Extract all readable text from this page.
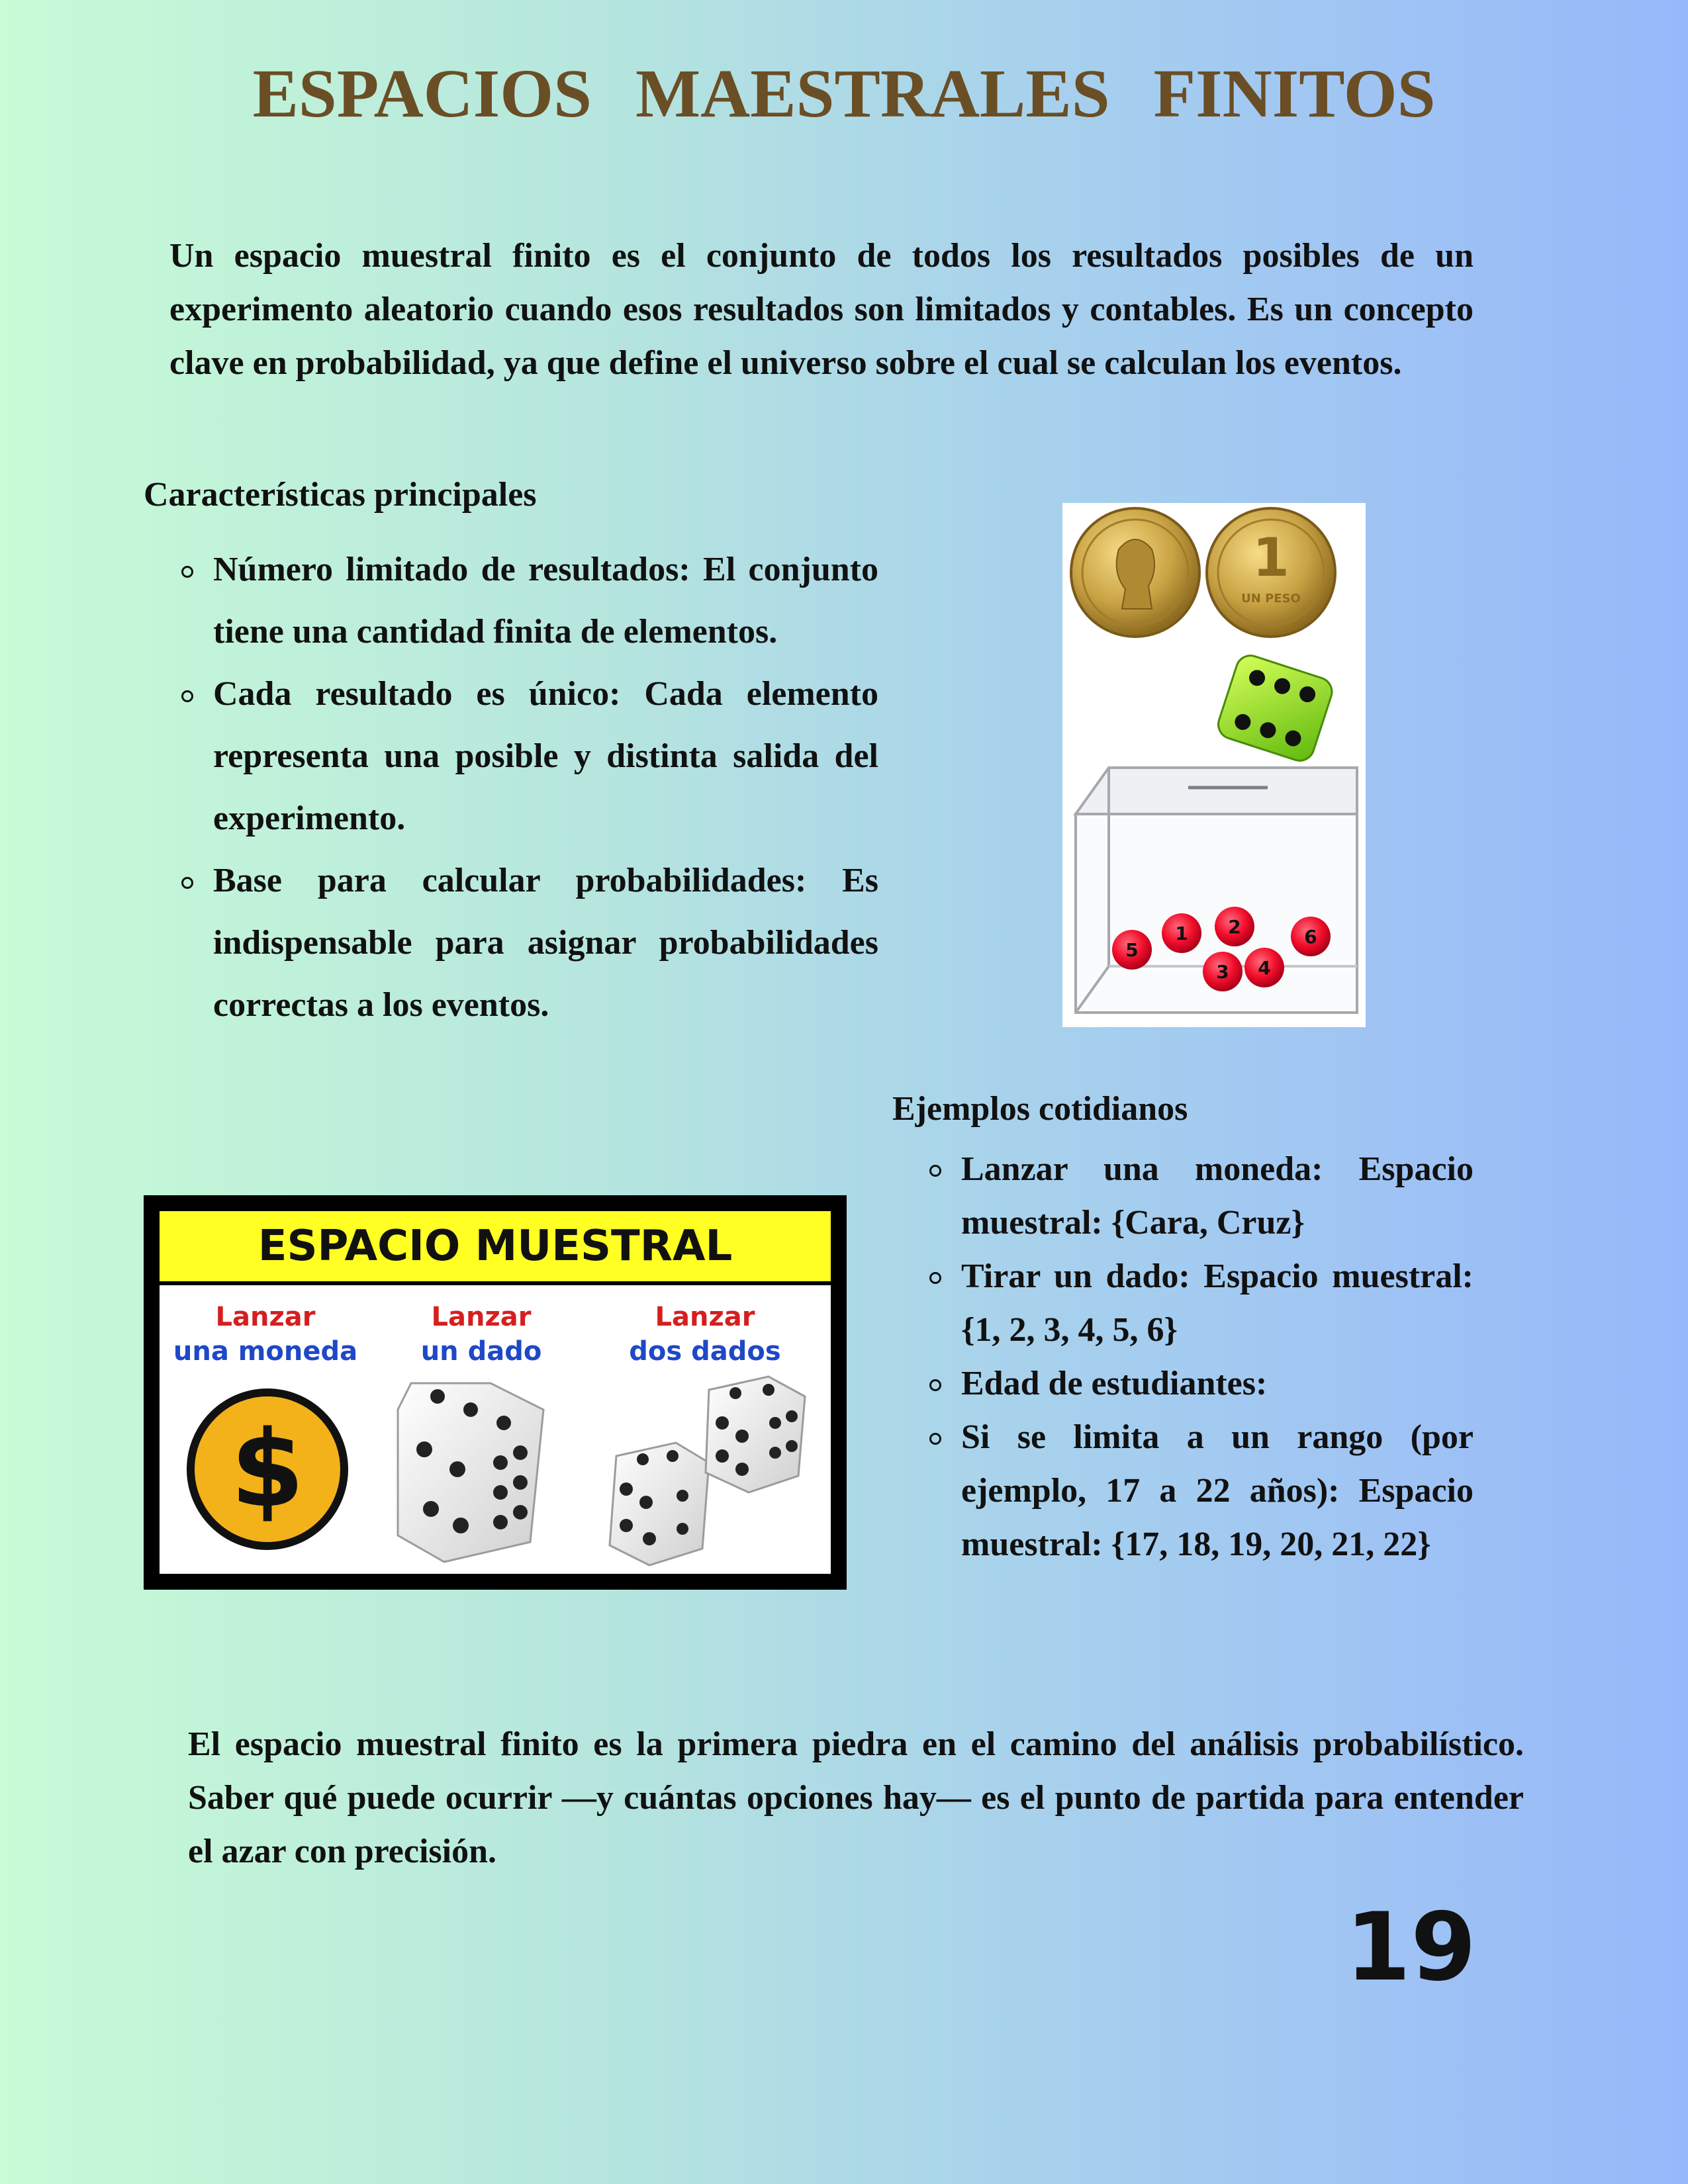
ESPACIOS MAESTRALES FINITOS
Un espacio muestral finito es el conjunto de todos los resultados posibles de un experimento aleatorio cuando esos resultados son limitados y contables. Es un concepto clave en probabilidad, ya que define el universo sobre el cual se calculan los eventos.
Características principales
Número limitado de resultados: El conjunto tiene una cantidad finita de elementos.
Cada resultado es único: Cada elemento representa una posible y distinta salida del experimento.
Base para calcular probabilidades: Es indispensable para asignar probabilidades correctas a los eventos.
1
UN PESO
5
1 2	6
3 4
Ejemplos cotidianos
Lanzar una moneda: Espacio muestral: {Cara, Cruz}
Tirar un dado: Espacio muestral: {1, 2, 3, 4, 5, 6}
Edad de estudiantes:
Si se limita a un rango (por ejemplo, 17 a 22 años): Espacio muestral: {17, 18, 19, 20, 21, 22}
ESPACIO MUESTRAL
Lanzar
una moneda
Lanzar
un dado
Lanzar
dos dados
$
El espacio muestral finito es la primera piedra en el camino del análisis probabilístico. Saber qué puede ocurrir —y cuántas opciones hay— es el punto de partida para entender el azar con precisión.
19
